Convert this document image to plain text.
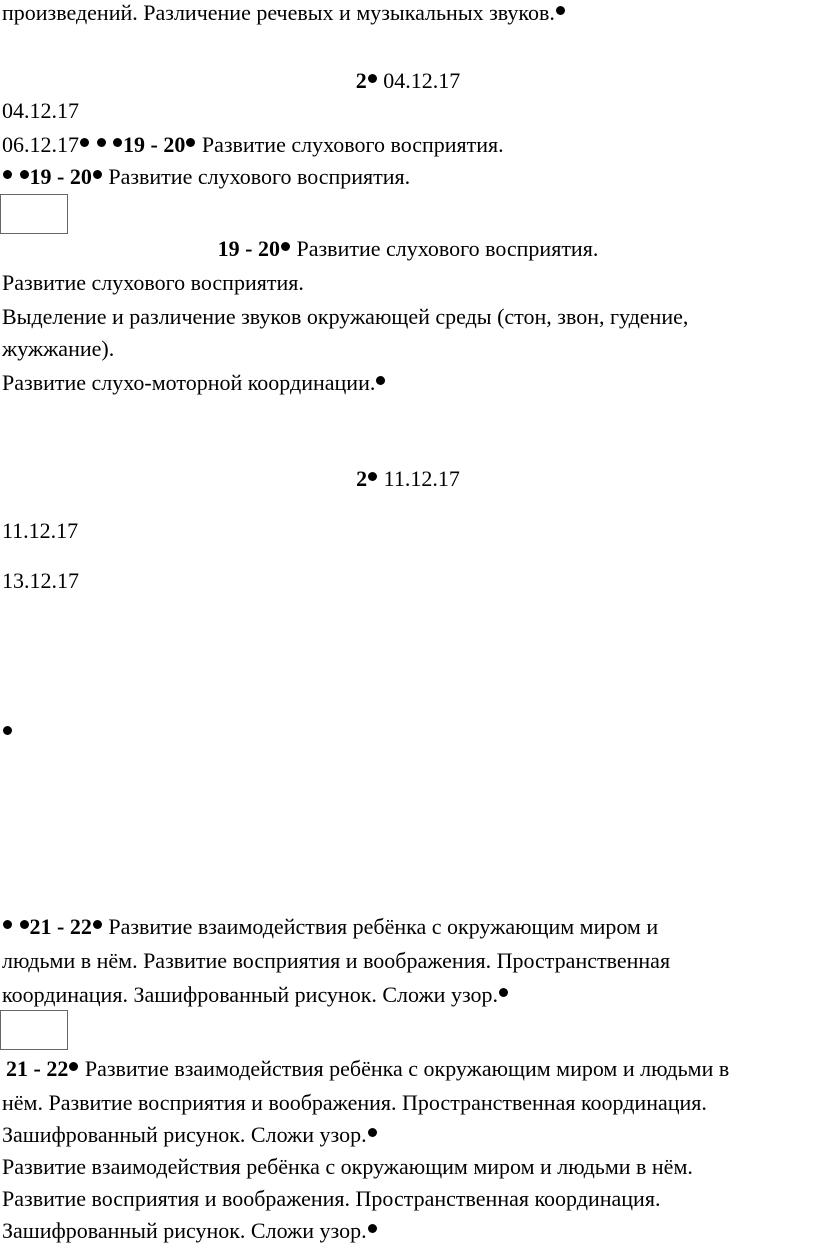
произведений. Различение речевых и музыкальных звуков.
2 04.12.17
04.12.17
06.12.17 19 - 20 Развитие слухового восприятия.
19 - 20 Развитие слухового восприятия.
19 - 20 Развитие слухового восприятия.
Развитие слухового восприятия.
Выделение и различение звуков окружающей среды (стон, звон, гудение,
жужжание).
Развитие слухо-моторной координации.
2 11.12.17
11.12.17
13.12.17
21 - 22 Развитие взаимодействия ребёнка с окружающим миром и
людьми в нём. Развитие восприятия и воображения. Пространственная
координация. Зашифрованный рисунок. Сложи узор.
21 - 22 Развитие взаимодействия ребёнка с окружающим миром и людьми в
нём. Развитие восприятия и воображения. Пространственная координация.
Зашифрованный рисунок. Сложи узор.
Развитие взаимодействия ребёнка с окружающим миром и людьми в нём.
Развитие восприятия и воображения. Пространственная координация.
Зашифрованный рисунок. Сложи узор.
